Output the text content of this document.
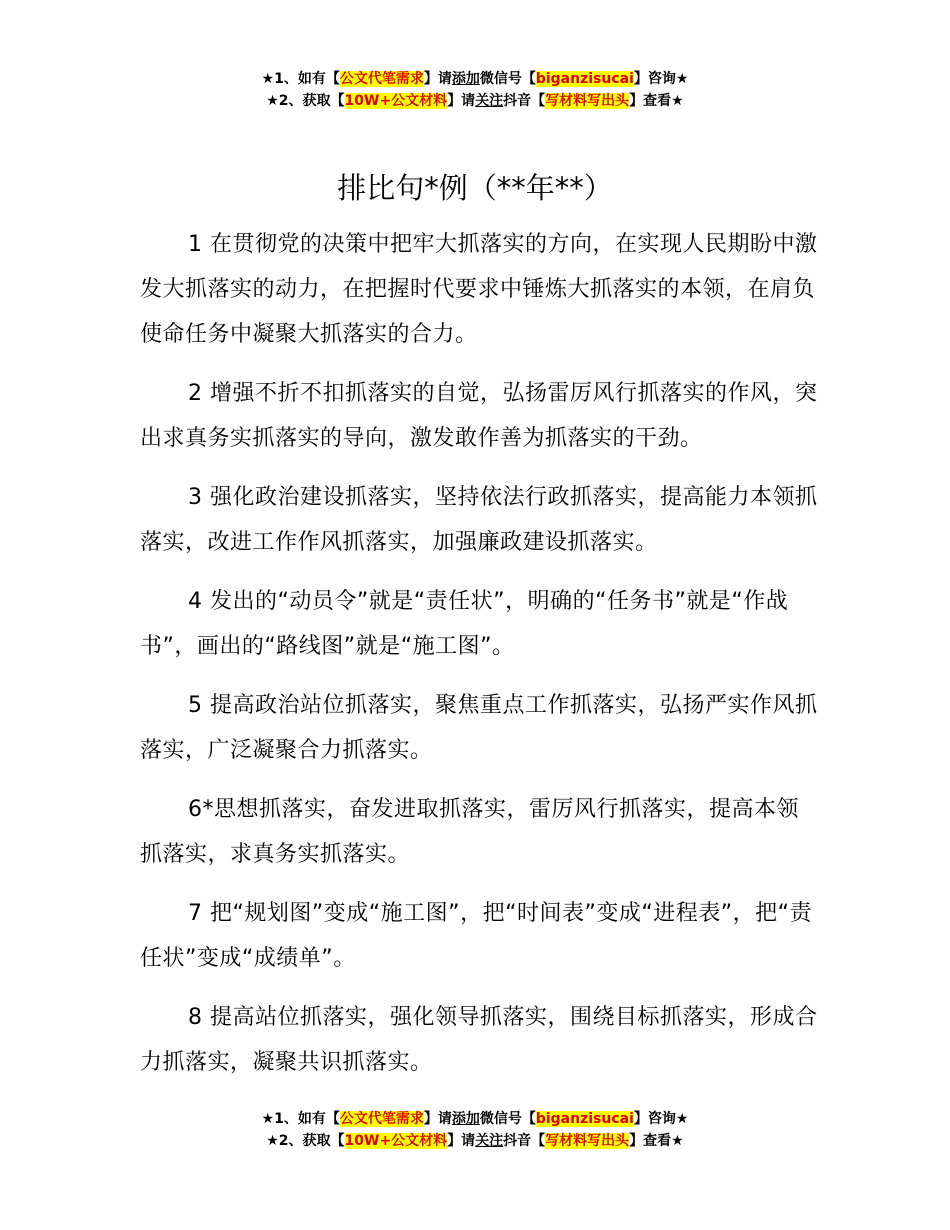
★1、如有【公文代笔需求】请添加微信号【biganzisucai】咨询★
★2、获取【10W+公文材料】请关注抖音【写材料写出头】查看★
排比句*例（**年**）

1 在贯彻党的决策中把牢大抓落实的方向，在实现人民期盼中激发大抓落实的动力，在把握时代要求中锤炼大抓落实的本领，在肩负使命任务中凝聚大抓落实的合力。

2 增强不折不扣抓落实的自觉，弘扬雷厉风行抓落实的作风，突出求真务实抓落实的导向，激发敢作善为抓落实的干劲。

3 强化政治建设抓落实，坚持依法行政抓落实，提高能力本领抓落实，改进工作作风抓落实，加强廉政建设抓落实。

4 发出的“动员令”就是“责任状”，明确的“任务书”就是“作战书”，画出的“路线图”就是“施工图”。

5 提高政治站位抓落实，聚焦重点工作抓落实，弘扬严实作风抓落实，广泛凝聚合力抓落实。

6*思想抓落实，奋发进取抓落实，雷厉风行抓落实，提高本领抓落实，求真务实抓落实。

7 把“规划图”变成“施工图”，把“时间表”变成“进程表”，把“责任状”变成“成绩单”。

8 提高站位抓落实，强化领导抓落实，围绕目标抓落实，形成合力抓落实，凝聚共识抓落实。

★1、如有【公文代笔需求】请添加微信号【biganzisucai】咨询★
★2、获取【10W+公文材料】请关注抖音【写材料写出头】查看★
